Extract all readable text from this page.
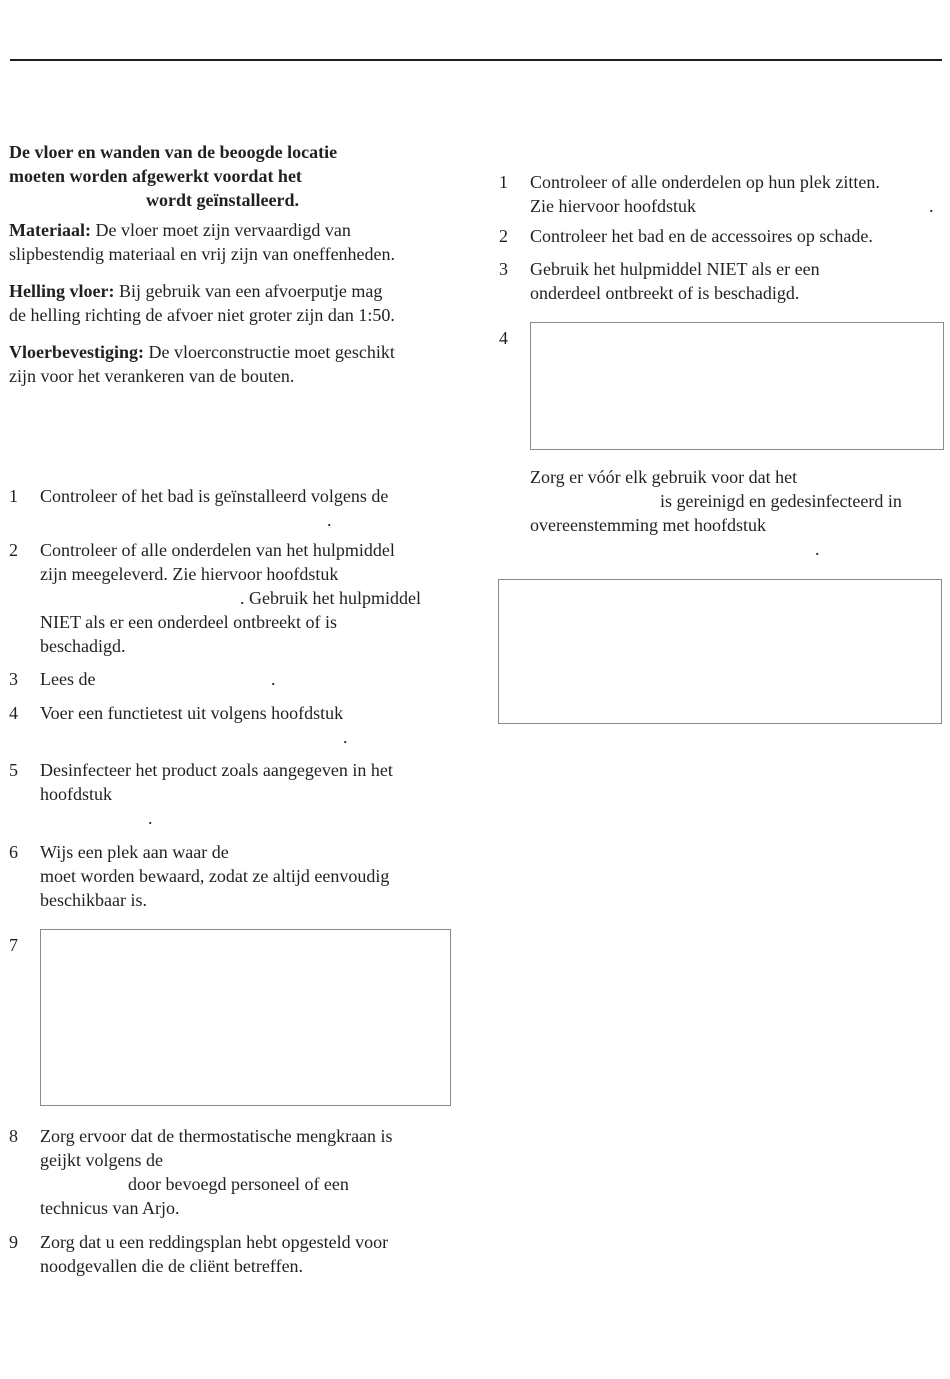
De vloer en wanden van de beoogde locatie
moeten worden afgewerkt voordat het
wordt geïnstalleerd.
Materiaal: De vloer moet zijn vervaardigd van
slipbestendig materiaal en vrij zijn van oneffenheden.
Helling vloer: Bij gebruik van een afvoerputje mag
de helling richting de afvoer niet groter zijn dan 1:50.
Vloerbevestiging: De vloerconstructie moet geschikt
zijn voor het verankeren van de bouten.
1 Controleer of het bad is geïnstalleerd volgens de
.
2 Controleer of alle onderdelen van het hulpmiddel
zijn meegeleverd. Zie hiervoor hoofdstuk
. Gebruik het hulpmiddel
NIET als er een onderdeel ontbreekt of is
beschadigd.
3 Lees de	.
4 Voer een functietest uit volgens hoofdstuk
.
5 Desinfecteer het product zoals aangegeven in het
hoofdstuk
.
6 Wijs een plek aan waar de
moet worden bewaard, zodat ze altijd eenvoudig
beschikbaar is.
7
8 Zorg ervoor dat de thermostatische mengkraan is
geijkt volgens de
door bevoegd personeel of een
technicus van Arjo.
9 Zorg dat u een reddingsplan hebt opgesteld voor
noodgevallen die de cliënt betreffen.
1 Controleer of alle onderdelen op hun plek zitten.
Zie hiervoor hoofdstuk	.
2 Controleer het bad en de accessoires op schade.
3 Gebruik het hulpmiddel NIET als er een
onderdeel ontbreekt of is beschadigd.
4
Zorg er vóór elk gebruik voor dat het
is gereinigd en gedesinfecteerd in
overeenstemming met hoofdstuk
.
